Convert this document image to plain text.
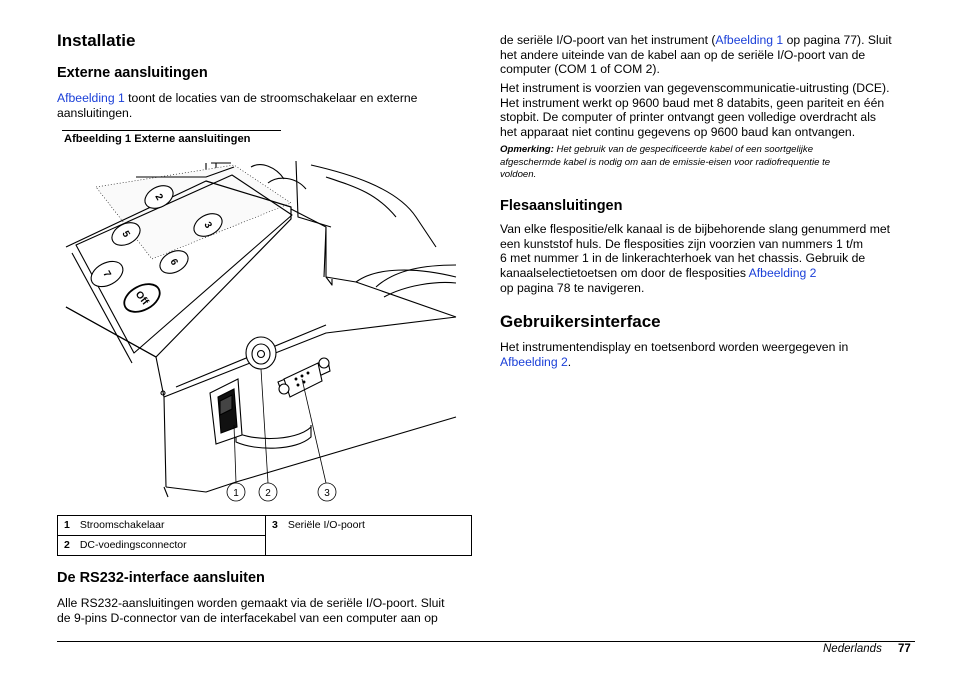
Installatie
Externe aansluitingen
Afbeelding 1 toont de locaties van de stroomschakelaar en externe
aansluitingen.
Afbeelding 1 Externe aansluitingen
2
3
5
6
7
Off
1	2	3
1 Stroomschakelaar	3 Seriële I/O-poort
2 DC-voedingsconnector
De RS232-interface aansluiten
Alle RS232-aansluitingen worden gemaakt via de seriële I/O-poort. Sluit
de 9-pins D-connector van de interfacekabel van een computer aan op
de seriële I/O-poort van het instrument (Afbeelding 1 op pagina 77). Sluit
het andere uiteinde van de kabel aan op de seriële I/O-poort van de
computer (COM 1 of COM 2).
Het instrument is voorzien van gegevenscommunicatie-uitrusting (DCE).
Het instrument werkt op 9600 baud met 8 databits, geen pariteit en één
stopbit. De computer of printer ontvangt geen volledige overdracht als
het apparaat niet continu gegevens op 9600 baud kan ontvangen.
Opmerking: Het gebruik van de gespecificeerde kabel of een soortgelijke
afgeschermde kabel is nodig om aan de emissie-eisen voor radiofrequentie te
voldoen.
Flesaansluitingen
Van elke flespositie/elk kanaal is de bijbehorende slang genummerd met
een kunststof huls. De flesposities zijn voorzien van nummers 1 t/m
6 met nummer 1 in de linkerachterhoek van het chassis. Gebruik de
kanaalselectietoetsen om door de flesposities Afbeelding 2
op pagina 78 te navigeren.
Gebruikersinterface
Het instrumentendisplay en toetsenbord worden weergegeven in
Afbeelding 2.
Nederlands 77
